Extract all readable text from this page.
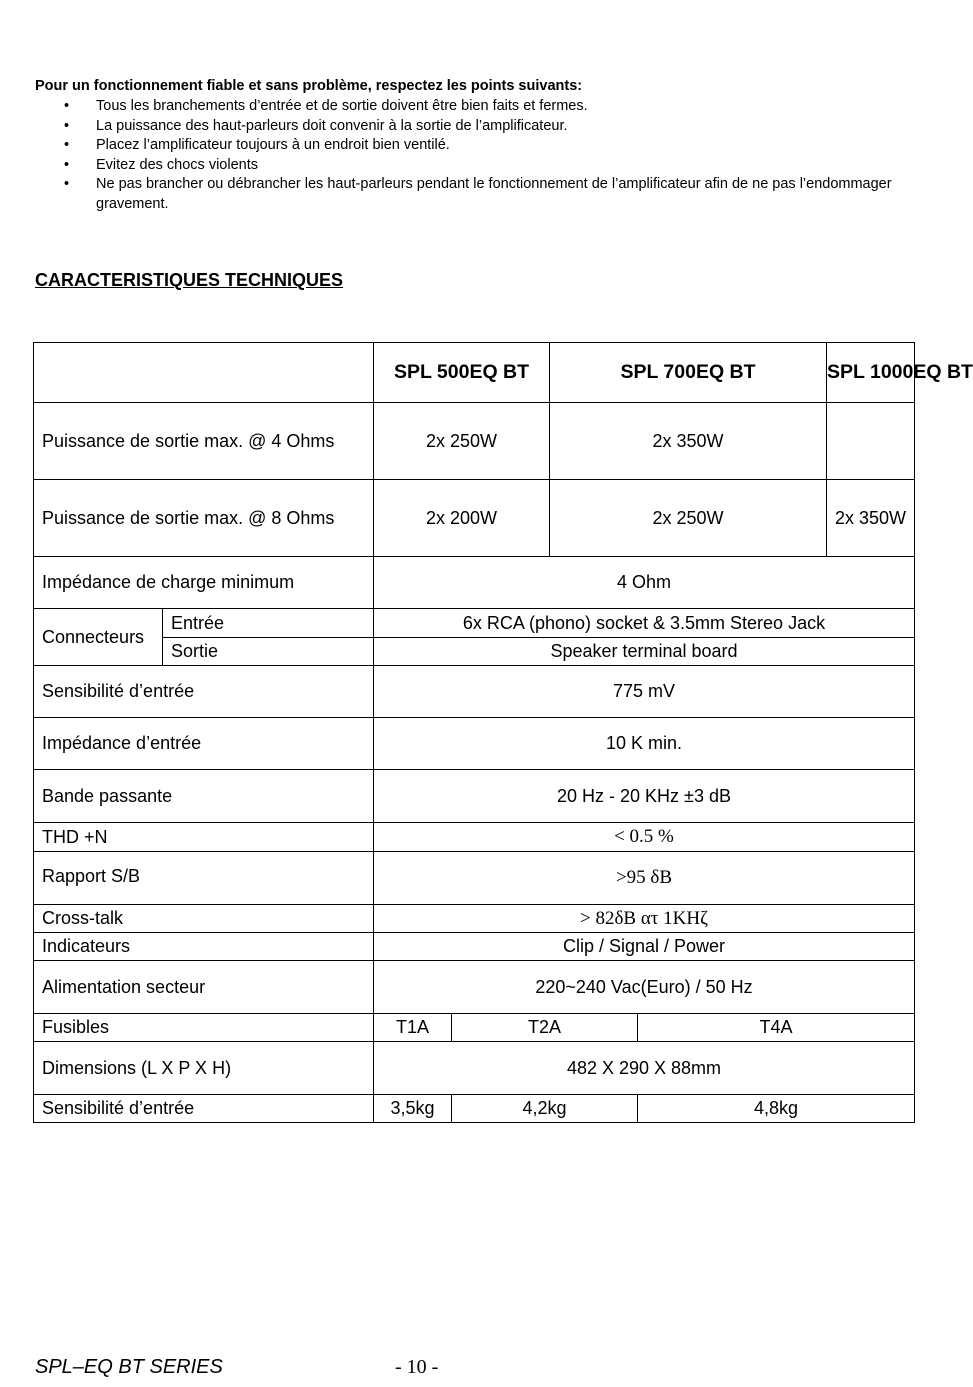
Pour un fonctionnement fiable et sans problème, respectez les points suivants:
• Tous les branchements d’entrée et de sortie doivent être bien faits et fermes.
• La puissance des haut-parleurs doit convenir à la sortie de l’amplificateur.
• Placez l’amplificateur toujours à un endroit bien ventilé.
• Evitez des chocs violents
• Ne pas brancher ou débrancher les haut-parleurs pendant le fonctionnement de l’amplificateur afin de ne pas l’endommager gravement.
CARACTERISTIQUES TECHNIQUES
		SPL 500EQ BT		SPL 700EQ BT		SPL 1000EQ BT
Puissance de sortie max. @ 4 Ohms		2x 250W		2x 350W		
Puissance de sortie max. @ 8 Ohms		2x 200W		2x 250W		2x 350W
Impédance de charge minimum		4 Ohm				
Connecteurs	Entrée	6x RCA (phono) socket & 3.5mm Stereo Jack				
	Sortie	Speaker terminal board				
Sensibilité d’entrée		775 mV				
Impédance d’entrée		10 K min.				
Bande passante		20 Hz - 20 KHz ±3 dB				
THD +N		< 0.5 %				
Rapport S/B		>95 δB				
Cross-talk		> 82δB ατ 1ΚΗζ				
Indicateurs		Clip / Signal / Power				
Alimentation secteur		220~240 Vac(Euro) / 50 Hz				
Fusibles		T1A	T2A		T4A	
Dimensions (L X P X H)		482 X 290 X 88mm				
Sensibilité d’entrée		3,5kg	4,2kg		4,8kg	
SPL–EQ BT SERIES	- 10 -
